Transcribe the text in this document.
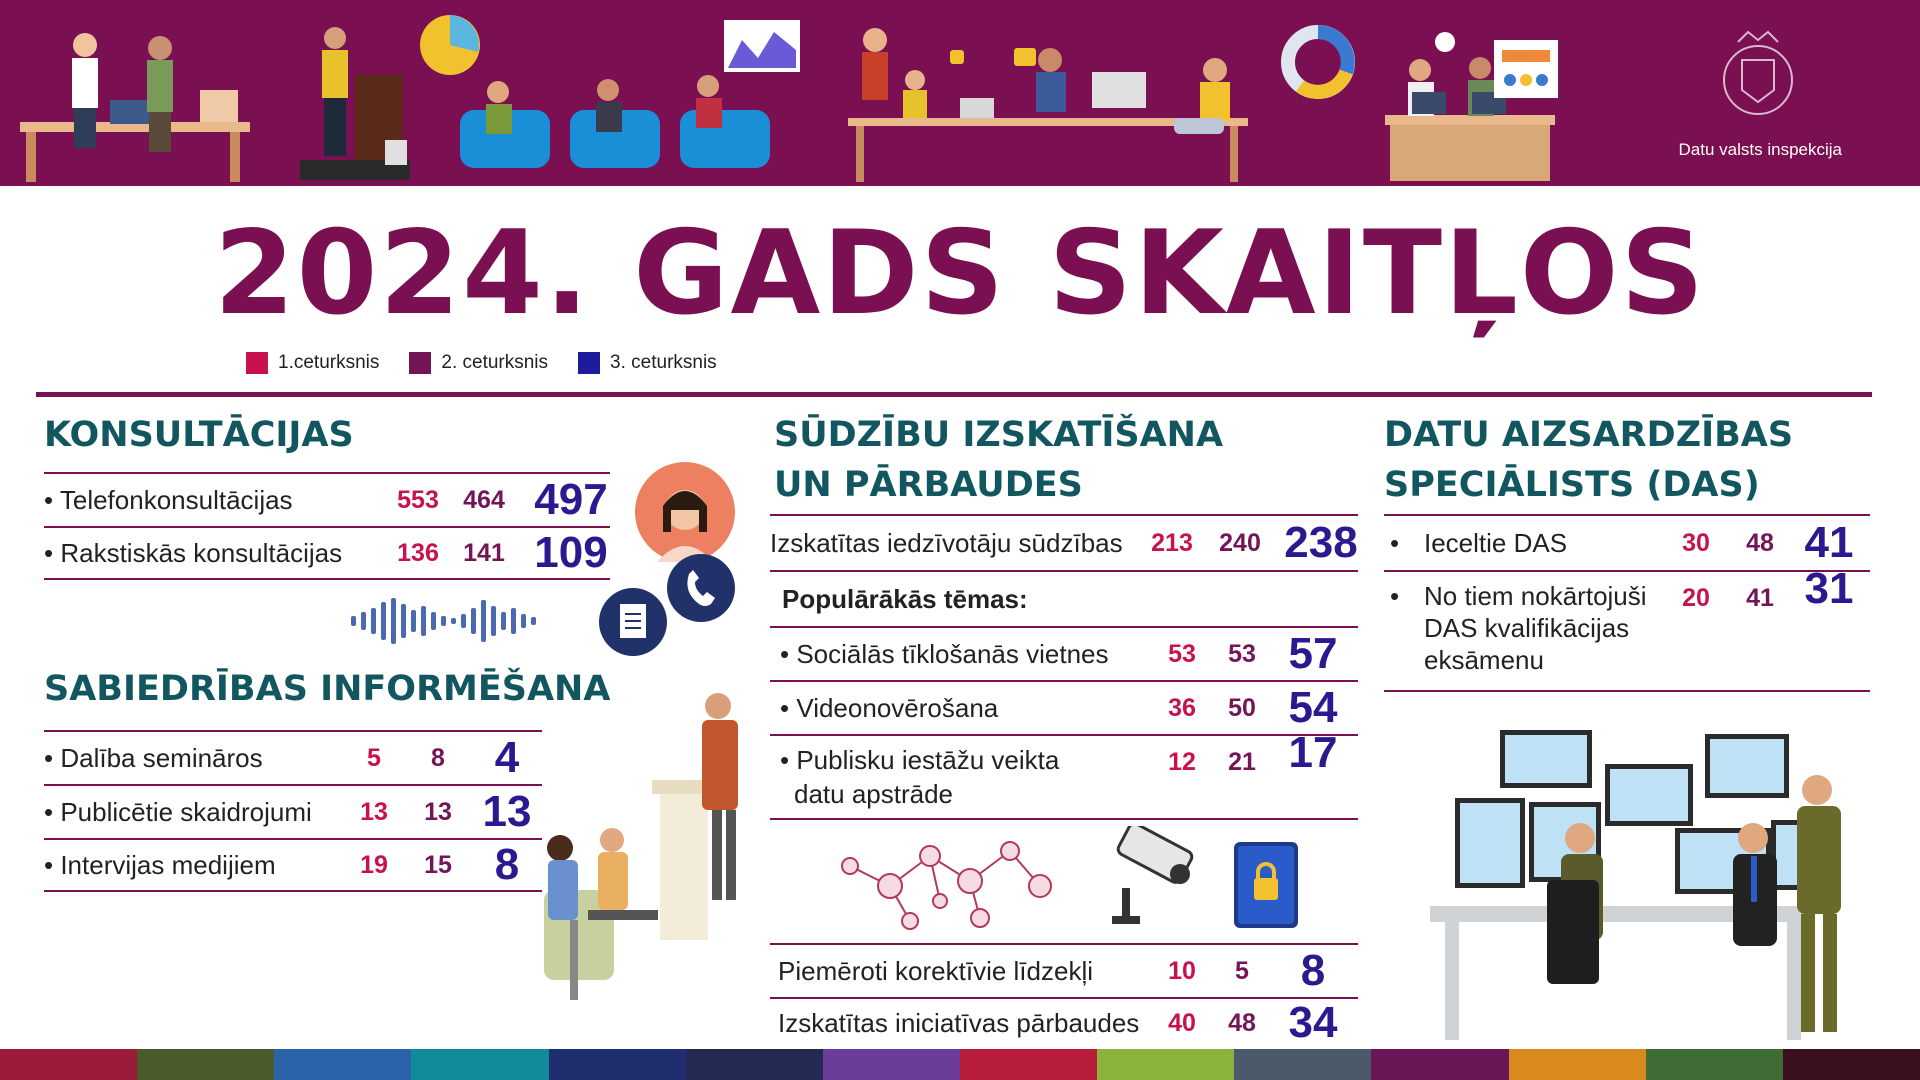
Datu valsts inspekcija
2024. GADS SKAITĻOS
1.ceturksnis	2. ceturksnis	3. ceturksnis
KONSULTĀCIJAS
• Telefonkonsultācijas	553 464 497
• Rakstiskās konsultācijas 136 141 109
SABIEDRĪBAS INFORMĒŠANA
• Dalība semināros	5	8	4
• Publicētie skaidrojumi	13	13 13
• Intervijas medijiem	19	15 8
SŪDZĪBU IZSKATĪŠANA
UN PĀRBAUDES
Izskatītas iedzīvotāju sūdzības 213 240 238
Populārākās tēmas:
• Sociālās tīklošanās vietnes	53	53 57
• Videonovērošana	36	50 54
• Publisku iestāžu veikta
datu apstrāde
12	21 17
Piemēroti korektīvie līdzekļi	10	5	8
Izskatītas iniciatīvas pārbaudes	40	48 34
DATU AIZSARDZĪBAS
SPECIĀLISTS (DAS)
• Ieceltie DAS	30	48 41
• No tiem nokārtojuši
DAS kvalifikācijas
eksāmenu
20	41 31
